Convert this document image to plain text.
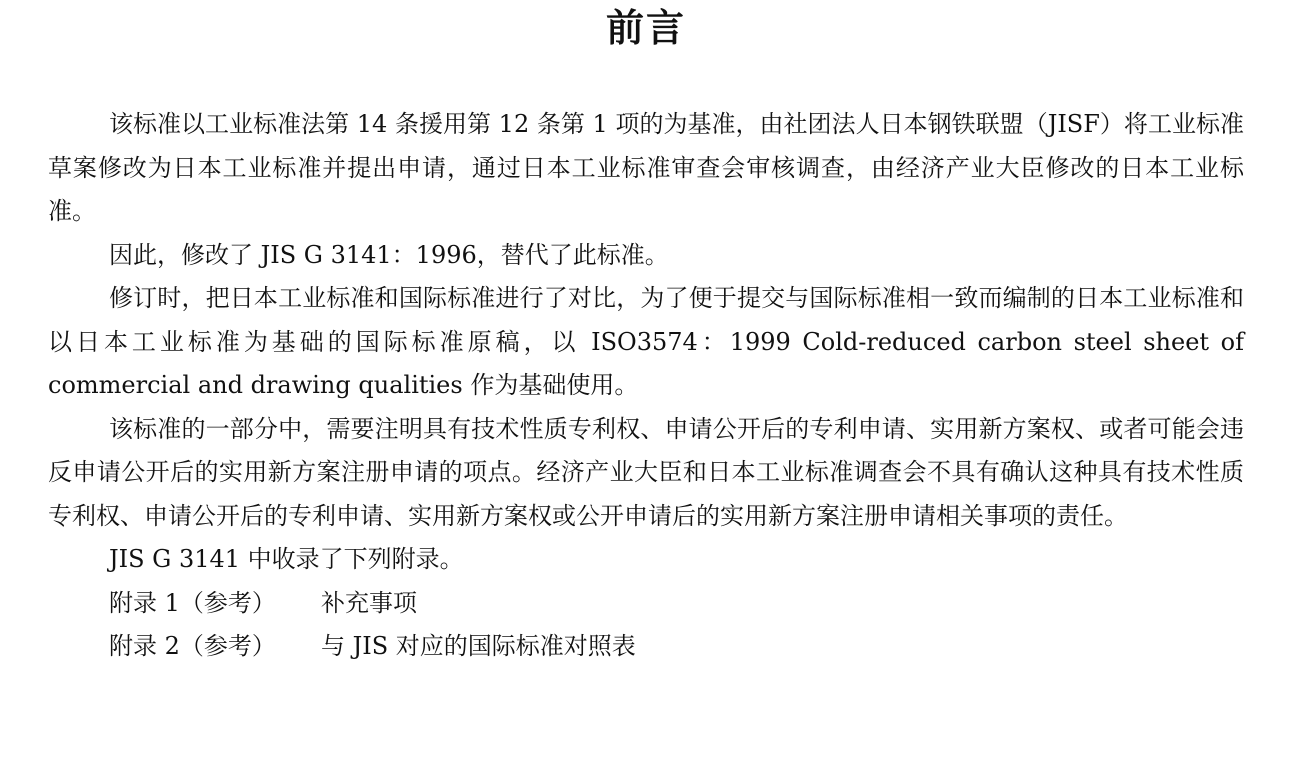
前言

该标准以工业标准法第 14 条援用第 12 条第 1 项的为基准，由社团法人日本钢铁联盟（JISF）将工业标准草案修改为日本工业标准并提出申请，通过日本工业标准审查会审核调查，由经济产业大臣修改的日本工业标准。

因此，修改了 JIS G 3141：1996，替代了此标准。

修订时，把日本工业标准和国际标准进行了对比，为了便于提交与国际标准相一致而编制的日本工业标准和以日本工业标准为基础的国际标准原稿，以 ISO3574：1999 Cold-reduced carbon steel sheet of commercial and drawing qualities 作为基础使用。

该标准的一部分中，需要注明具有技术性质专利权、申请公开后的专利申请、实用新方案权、或者可能会违反申请公开后的实用新方案注册申请的项点。经济产业大臣和日本工业标准调查会不具有确认这种具有技术性质专利权、申请公开后的专利申请、实用新方案权或公开申请后的实用新方案注册申请相关事项的责任。

JIS G 3141 中收录了下列附录。

附录 1（参考） 补充事项

附录 2（参考） 与 JIS 对应的国际标准对照表
